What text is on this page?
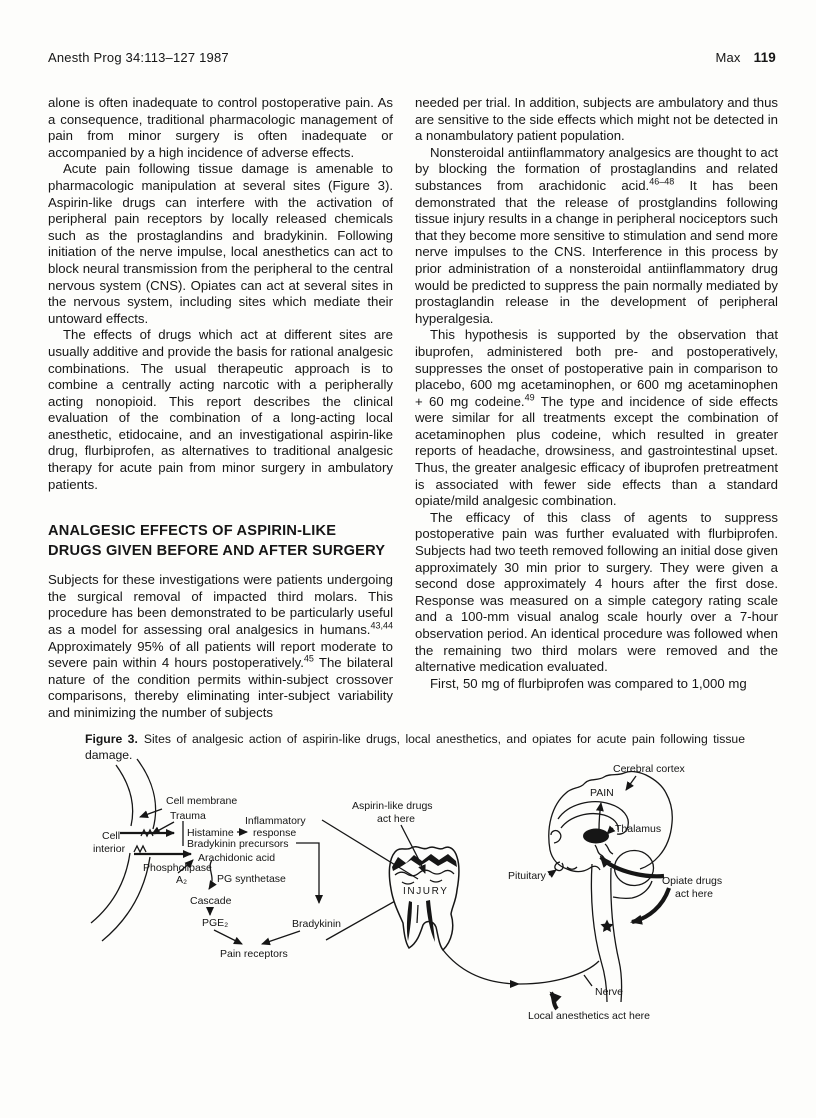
Anesth Prog 34:113–127 1987	Max 119

alone is often inadequate to control postoperative pain. As a consequence, traditional pharmacologic management of pain from minor surgery is often inadequate or accompanied by a high incidence of adverse effects.

Acute pain following tissue damage is amenable to pharmacologic manipulation at several sites (Figure 3). Aspirin-like drugs can interfere with the activation of peripheral pain receptors by locally released chemicals such as the prostaglandins and bradykinin. Following initiation of the nerve impulse, local anesthetics can act to block neural transmission from the peripheral to the central nervous system (CNS). Opiates can act at several sites in the nervous system, including sites which mediate their untoward effects.

The effects of drugs which act at different sites are usually additive and provide the basis for rational analgesic combinations. The usual therapeutic approach is to combine a centrally acting narcotic with a peripherally acting nonopioid. This report describes the clinical evaluation of the combination of a long-acting local anesthetic, etidocaine, and an investigational aspirin-like drug, flurbiprofen, as alternatives to traditional analgesic therapy for acute pain from minor surgery in ambulatory patients.

ANALGESIC EFFECTS OF ASPIRIN-LIKE
DRUGS GIVEN BEFORE AND AFTER SURGERY

Subjects for these investigations were patients undergoing the surgical removal of impacted third molars. This procedure has been demonstrated to be particularly useful as a model for assessing oral analgesics in humans.$^{43,44}$ Approximately 95% of all patients will report moderate to severe pain within 4 hours postoperatively.$^{45}$ The bilateral nature of the condition permits within-subject crossover comparisons, thereby eliminating inter-subject variability and minimizing the number of subjects

needed per trial. In addition, subjects are ambulatory and thus are sensitive to the side effects which might not be detected in a nonambulatory patient population.

Nonsteroidal antiinflammatory analgesics are thought to act by blocking the formation of prostaglandins and related substances from arachidonic acid.$^{46-48}$ It has been demonstrated that the release of prostglandins following tissue injury results in a change in peripheral nociceptors such that they become more sensitive to stimulation and send more nerve impulses to the CNS. Interference in this process by prior administration of a nonsteroidal antiinflammatory drug would be predicted to suppress the pain normally mediated by prostaglandin release in the development of peripheral hyperalgesia.

This hypothesis is supported by the observation that ibuprofen, administered both pre- and postoperatively, suppresses the onset of postoperative pain in comparison to placebo, 600 mg acetaminophen, or 600 mg acetaminophen + 60 mg codeine.$^{49}$ The type and incidence of side effects were similar for all treatments except the combination of acetaminophen plus codeine, which resulted in greater reports of headache, drowsiness, and gastrointestinal upset. Thus, the greater analgesic efficacy of ibuprofen pretreatment is associated with fewer side effects than a standard opiate/mild analgesic combination.

The efficacy of this class of agents to suppress postoperative pain was further evaluated with flurbiprofen. Subjects had two teeth removed following an initial dose given approximately 30 min prior to surgery. They were given a second dose approximately 4 hours after the first dose. Response was measured on a simple category rating scale and a 100-mm visual analog scale hourly over a 7-hour observation period. An identical procedure was followed when the remaining two third molars were removed and the alternative medication evaluated.

First, 50 mg of flurbiprofen was compared to 1,000 mg

Figure 3. Sites of analgesic action of aspirin-like drugs, local anesthetics, and opiates for acute pain following tissue damage.
Cell membrane
Trauma
Cell
interior
Histamine
Inflammatory
response
Bradykinin precursors
Arachidonic acid
Phospholipase
A₂	PG synthetase
Cascade
PGE₂	Bradykinin
Pain receptors
INJURY
Aspirin-like drugs
act here
Nerve
Local anesthetics act here
Cerebral cortex
PAIN
Thalamus
Pituitary	Opiate drugs
act here
